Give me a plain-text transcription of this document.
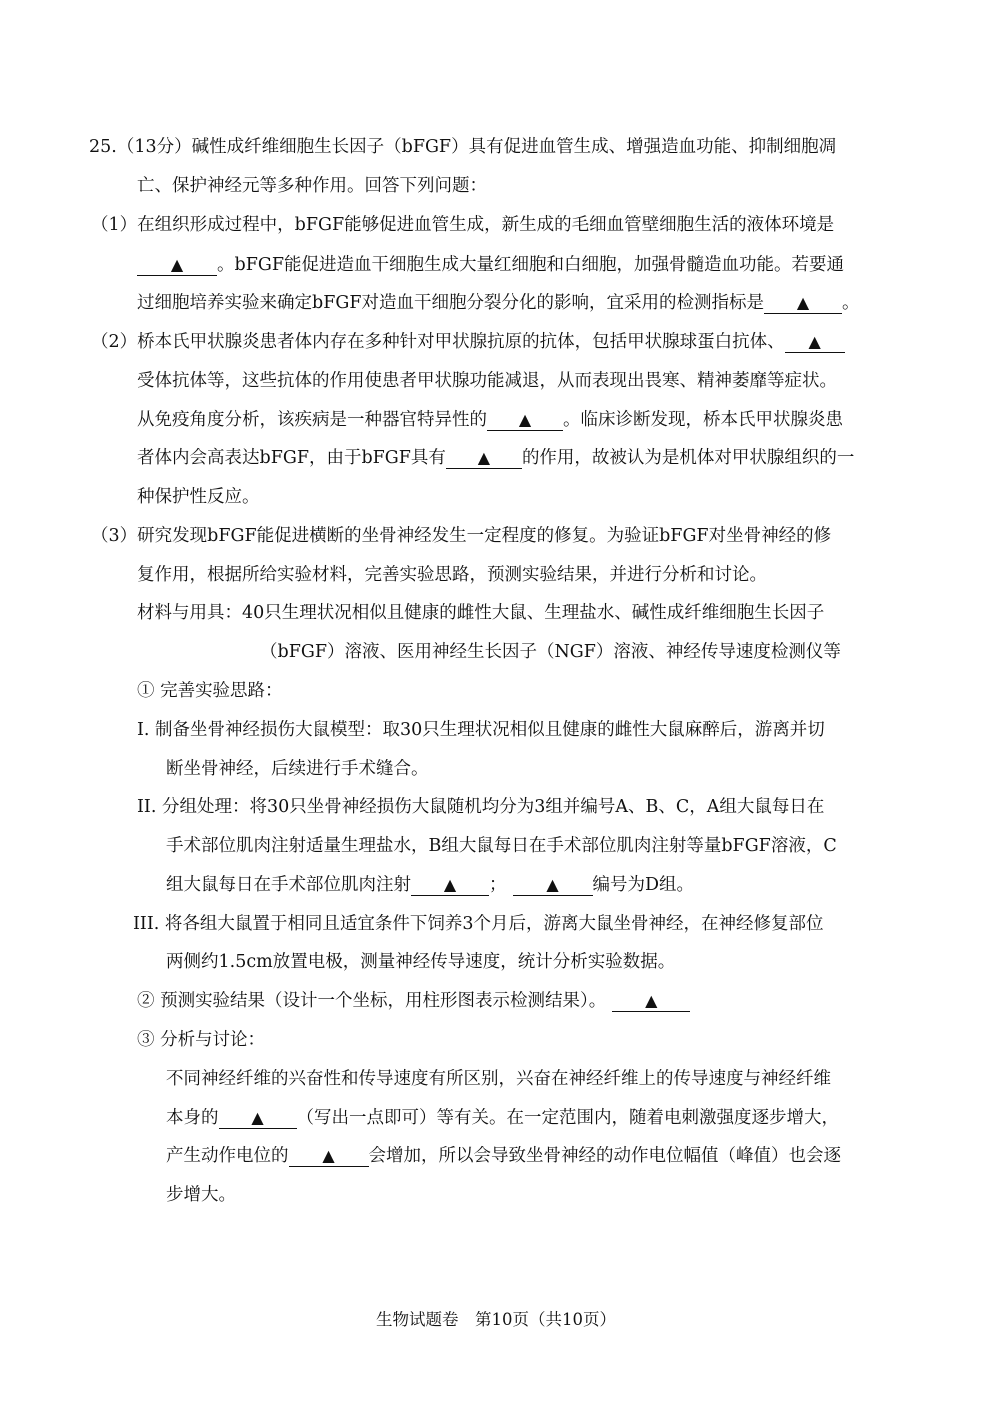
25.（13分）碱性成纤维细胞生长因子（bFGF）具有促进血管生成、增强造血功能、抑制细胞凋
亡、保护神经元等多种作用。回答下列问题：
（1）在组织形成过程中，bFGF能够促进血管生成，新生成的毛细血管壁细胞生活的液体环境是
▲ 。bFGF能促进造血干细胞生成大量红细胞和白细胞，加强骨髓造血功能。若要通
过细胞培养实验来确定bFGF对造血干细胞分裂分化的影响，宜采用的检测指标是 ▲ 。
（2）桥本氏甲状腺炎患者体内存在多种针对甲状腺抗原的抗体，包括甲状腺球蛋白抗体、 ▲
受体抗体等，这些抗体的作用使患者甲状腺功能减退，从而表现出畏寒、精神萎靡等症状。
从免疫角度分析，该疾病是一种器官特异性的 ▲ 。临床诊断发现，桥本氏甲状腺炎患
者体内会高表达bFGF，由于bFGF具有 ▲ 的作用，故被认为是机体对甲状腺组织的一
种保护性反应。
（3）研究发现bFGF能促进横断的坐骨神经发生一定程度的修复。为验证bFGF对坐骨神经的修
复作用，根据所给实验材料，完善实验思路，预测实验结果，并进行分析和讨论。
材料与用具：40只生理状况相似且健康的雌性大鼠、生理盐水、碱性成纤维细胞生长因子
（bFGF）溶液、医用神经生长因子（NGF）溶液、神经传导速度检测仪等
① 完善实验思路：
I. 制备坐骨神经损伤大鼠模型：取30只生理状况相似且健康的雌性大鼠麻醉后，游离并切
断坐骨神经，后续进行手术缝合。
II. 分组处理：将30只坐骨神经损伤大鼠随机均分为3组并编号A、B、C，A组大鼠每日在
手术部位肌肉注射适量生理盐水，B组大鼠每日在手术部位肌肉注射等量bFGF溶液，C
组大鼠每日在手术部位肌肉注射 ▲ ； ▲ 编号为D组。
III. 将各组大鼠置于相同且适宜条件下饲养3个月后，游离大鼠坐骨神经，在神经修复部位
两侧约1.5cm放置电极，测量神经传导速度，统计分析实验数据。
② 预测实验结果（设计一个坐标，用柱形图表示检测结果）。 ▲
③ 分析与讨论：
不同神经纤维的兴奋性和传导速度有所区别，兴奋在神经纤维上的传导速度与神经纤维
本身的 ▲ （写出一点即可）等有关。在一定范围内，随着电刺激强度逐步增大，
产生动作电位的 ▲ 会增加，所以会导致坐骨神经的动作电位幅值（峰值）也会逐
步增大。
生物试题卷　第10页（共10页）
